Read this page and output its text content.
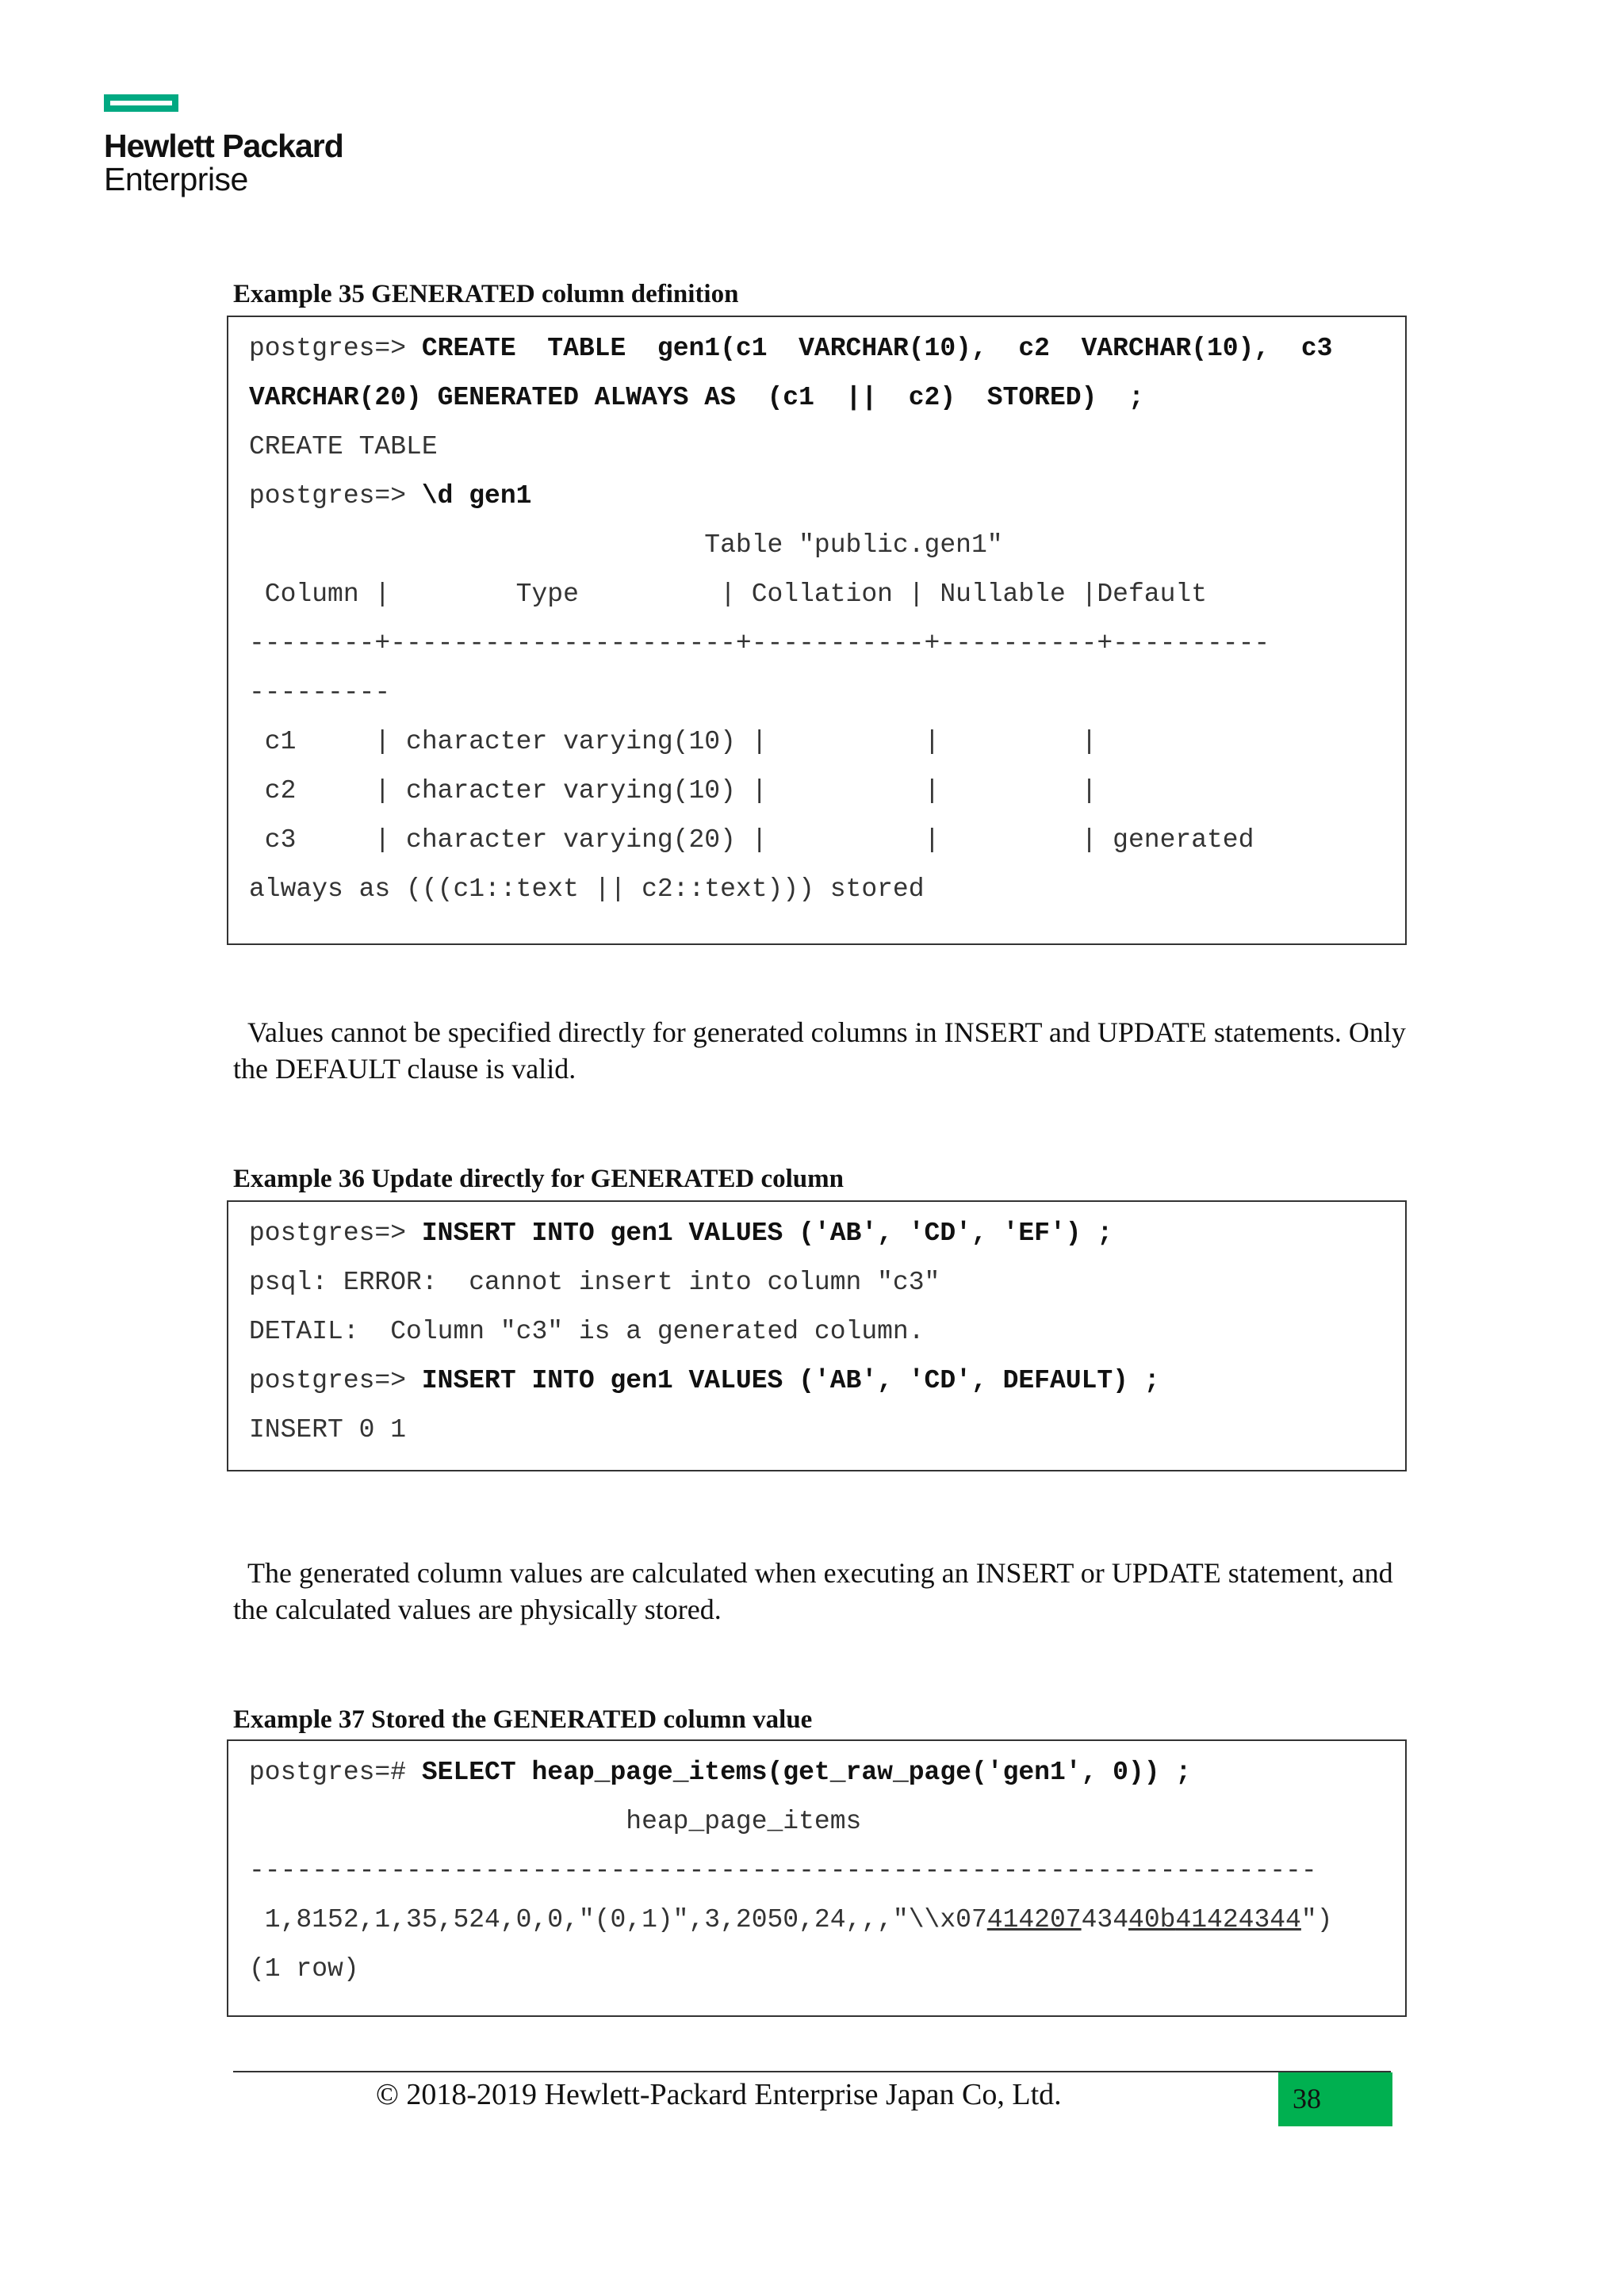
Hewlett Packard
Enterprise
Example 35 GENERATED column definition
postgres=> CREATE  TABLE  gen1(c1  VARCHAR(10),  c2  VARCHAR(10),  c3
VARCHAR(20) GENERATED ALWAYS AS  (c1  ||  c2)  STORED)  ;
CREATE TABLE
postgres=> \d gen1
Table "public.gen1"
Column |        Type         | Collation | Nullable |Default
--------+----------------------+-----------+----------+----------
---------
c1     | character varying(10) |          |         |
c2     | character varying(10) |          |         |
c3     | character varying(20) |          |         | generated
always as (((c1::text || c2::text))) stored
Values cannot be specified directly for generated columns in INSERT and UPDATE statements. Only
the DEFAULT clause is valid.
Example 36 Update directly for GENERATED column
postgres=> INSERT INTO gen1 VALUES ('AB', 'CD', 'EF') ;
psql: ERROR:  cannot insert into column "c3"
DETAIL:  Column "c3" is a generated column.
postgres=> INSERT INTO gen1 VALUES ('AB', 'CD', DEFAULT) ;
INSERT 0 1
The generated column values are calculated when executing an INSERT or UPDATE statement, and
the calculated values are physically stored.
Example 37 Stored the GENERATED column value
postgres=# SELECT heap_page_items(get_raw_page('gen1', 0)) ;
heap_page_items
--------------------------------------------------------------------
1,8152,1,35,524,0,0,"(0,1)",3,2050,24,,,"\\x0741420743440b41424344")
(1 row)
© 2018-2019 Hewlett-Packard Enterprise Japan Co, Ltd.	38
